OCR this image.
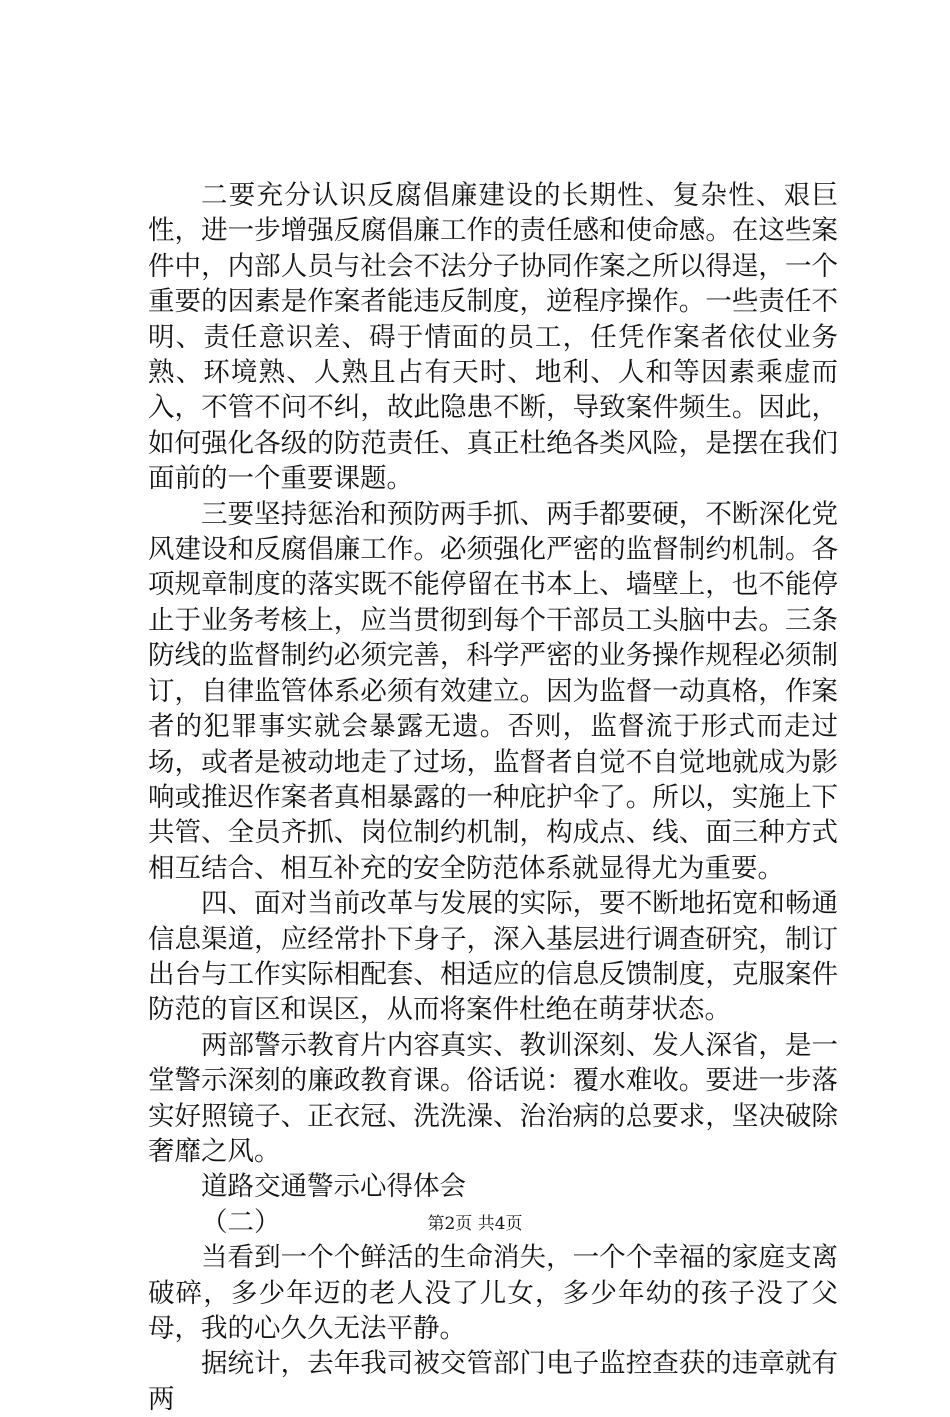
二要充分认识反腐倡廉建设的长期性、复杂性、艰巨性，进一步增强反腐倡廉工作的责任感和使命感。在这些案件中，内部人员与社会不法分子协同作案之所以得逞，一个重要的因素是作案者能违反制度，逆程序操作。一些责任不明、责任意识差、碍于情面的员工，任凭作案者依仗业务熟、环境熟、人熟且占有天时、地利、人和等因素乘虚而入，不管不问不纠，故此隐患不断，导致案件频生。因此，如何强化各级的防范责任、真正杜绝各类风险，是摆在我们面前的一个重要课题。

三要坚持惩治和预防两手抓、两手都要硬，不断深化党风建设和反腐倡廉工作。必须强化严密的监督制约机制。各项规章制度的落实既不能停留在书本上、墙壁上，也不能停止于业务考核上，应当贯彻到每个干部员工头脑中去。三条防线的监督制约必须完善，科学严密的业务操作规程必须制订，自律监管体系必须有效建立。因为监督一动真格，作案者的犯罪事实就会暴露无遗。否则，监督流于形式而走过场，或者是被动地走了过场，监督者自觉不自觉地就成为影响或推迟作案者真相暴露的一种庇护伞了。所以，实施上下共管、全员齐抓、岗位制约机制，构成点、线、面三种方式相互结合、相互补充的安全防范体系就显得尤为重要。

四、面对当前改革与发展的实际，要不断地拓宽和畅通信息渠道，应经常扑下身子，深入基层进行调查研究，制订出台与工作实际相配套、相适应的信息反馈制度，克服案件防范的盲区和误区，从而将案件杜绝在萌芽状态。

两部警示教育片内容真实、教训深刻、发人深省，是一堂警示深刻的廉政教育课。俗话说：覆水难收。要进一步落实好照镜子、正衣冠、洗洗澡、治治病的总要求，坚决破除奢靡之风。

道路交通警示心得体会

（二）

当看到一个个鲜活的生命消失，一个个幸福的家庭支离破碎，多少年迈的老人没了儿女，多少年幼的孩子没了父母，我的心久久无法平静。

据统计，去年我司被交管部门电子监控查获的违章就有两

第2页 共4页
